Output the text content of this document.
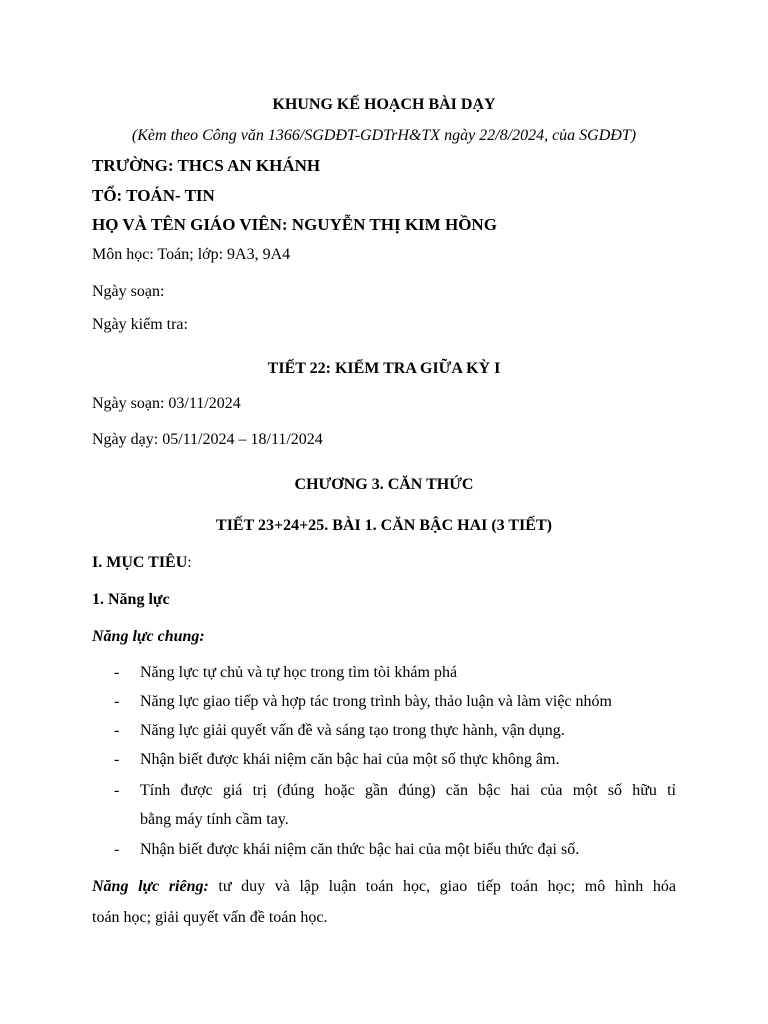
KHUNG KẾ HOẠCH BÀI DẠY
(Kèm theo Công văn 1366/SGDĐT-GDTrH&TX ngày 22/8/2024, của SGDĐT)
TRƯỜNG: THCS AN KHÁNH
TỔ: TOÁN- TIN
HỌ VÀ TÊN GIÁO VIÊN: NGUYỄN THỊ KIM HỒNG
Môn học: Toán; lớp: 9A3, 9A4
Ngày soạn:
Ngày kiểm tra:
TIẾT 22: KIỂM TRA GIỮA KỲ I
Ngày soạn: 03/11/2024
Ngày dạy: 05/11/2024 – 18/11/2024
CHƯƠNG 3. CĂN THỨC
TIẾT 23+24+25. BÀI 1. CĂN BẬC HAI (3 TIẾT)
I. MỤC TIÊU:
1. Năng lực
Năng lực chung:
- Năng lực tự chủ và tự học trong tìm tòi khám phá
- Năng lực giao tiếp và hợp tác trong trình bày, thảo luận và làm việc nhóm
- Năng lực giải quyết vấn đề và sáng tạo trong thực hành, vận dụng.
- Nhận biết được khái niệm căn bậc hai của một số thực không âm.
- Tính được giá trị (đúng hoặc gần đúng) căn bậc hai của một số hữu tỉ
bằng máy tính cầm tay.
- Nhận biết được khái niệm căn thức bậc hai của một biểu thức đại số.
Năng lực riêng: tư duy và lập luận toán học, giao tiếp toán học; mô hình hóa
toán học; giải quyết vấn đề toán học.
